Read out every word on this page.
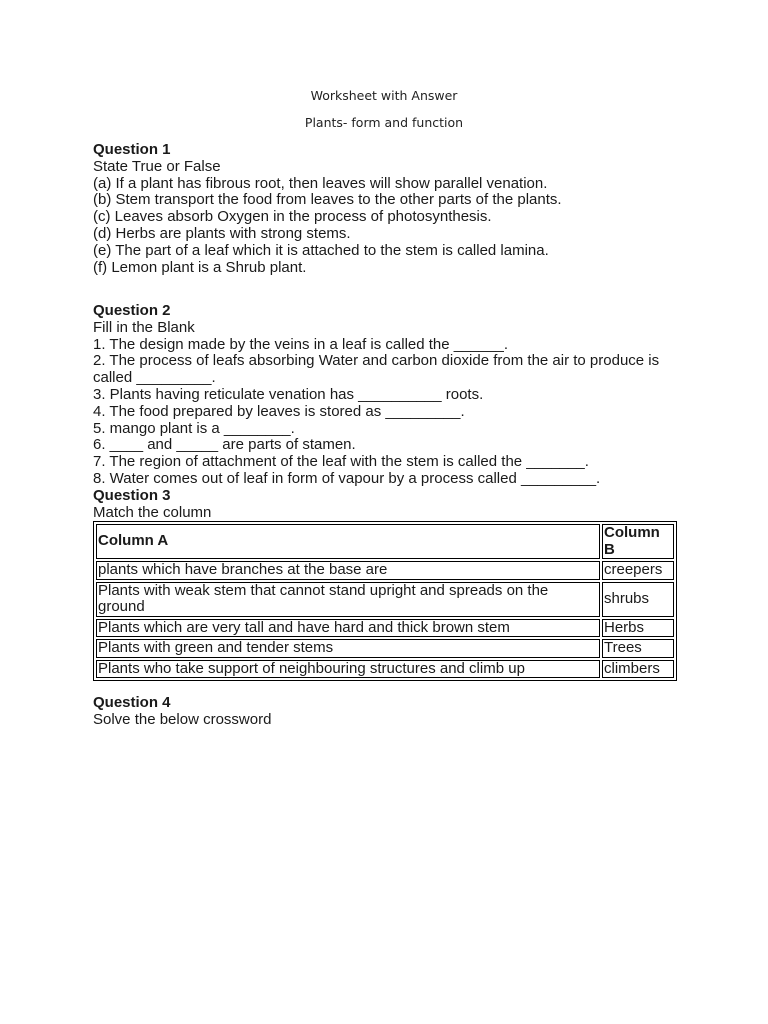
Worksheet with Answer
Plants- form and function

Question 1

State True or False

(a) If a plant has fibrous root, then leaves will show parallel venation.

(b) Stem transport the food from leaves to the other parts of the plants.

(c) Leaves absorb Oxygen in the process of photosynthesis.

(d) Herbs are plants with strong stems.

(e) The part of a leaf which it is attached to the stem is called lamina.

(f) Lemon plant is a Shrub plant.

Question 2

Fill in the Blank

1. The design made by the veins in a leaf is called the ______.

2. The process of leafs absorbing Water and carbon dioxide from the air to produce is called _________.

3. Plants having reticulate venation has __________ roots.

4. The food prepared by leaves is stored as _________.

5. mango plant is a ________.

6. ____ and _____ are parts of stamen.

7. The region of attachment of the leaf with the stem is called the _______.

8. Water comes out of leaf in form of vapour by a process called _________.

Question 3

Match the column

Column A	Column B
plants which have branches at the base are	creepers
Plants with weak stem that cannot stand upright and spreads on the ground	shrubs
Plants which are very tall and have hard and thick brown stem	Herbs
Plants with green and tender stems	Trees
Plants who take support of neighbouring structures and climb up	climbers

Question 4

Solve the below crossword
